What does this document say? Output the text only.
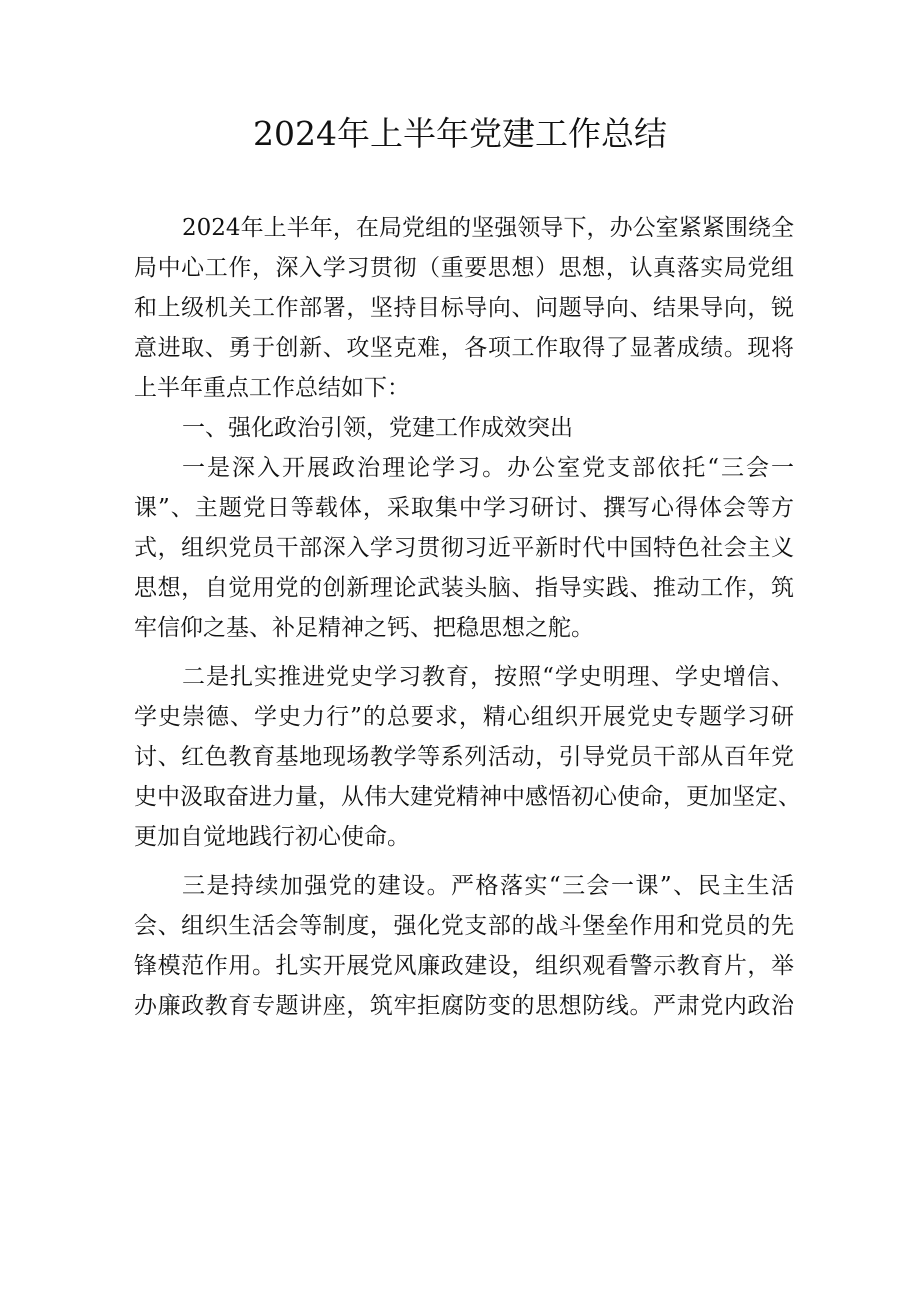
2024年上半年党建工作总结
2024年上半年，在局党组的坚强领导下，办公室紧紧围绕全
局中心工作，深入学习贯彻（重要思想）思想，认真落实局党组
和上级机关工作部署，坚持目标导向、问题导向、结果导向，锐
意进取、勇于创新、攻坚克难，各项工作取得了显著成绩。现将
上半年重点工作总结如下：
一、强化政治引领，党建工作成效突出
一是深入开展政治理论学习。办公室党支部依托“三会一
课”、主题党日等载体，采取集中学习研讨、撰写心得体会等方
式，组织党员干部深入学习贯彻习近平新时代中国特色社会主义
思想，自觉用党的创新理论武装头脑、指导实践、推动工作，筑
牢信仰之基、补足精神之钙、把稳思想之舵。
二是扎实推进党史学习教育，按照“学史明理、学史增信、
学史崇德、学史力行”的总要求，精心组织开展党史专题学习研
讨、红色教育基地现场教学等系列活动，引导党员干部从百年党
史中汲取奋进力量，从伟大建党精神中感悟初心使命，更加坚定、
更加自觉地践行初心使命。
三是持续加强党的建设。严格落实“三会一课”、民主生活
会、组织生活会等制度，强化党支部的战斗堡垒作用和党员的先
锋模范作用。扎实开展党风廉政建设，组织观看警示教育片，举
办廉政教育专题讲座，筑牢拒腐防变的思想防线。严肃党内政治
